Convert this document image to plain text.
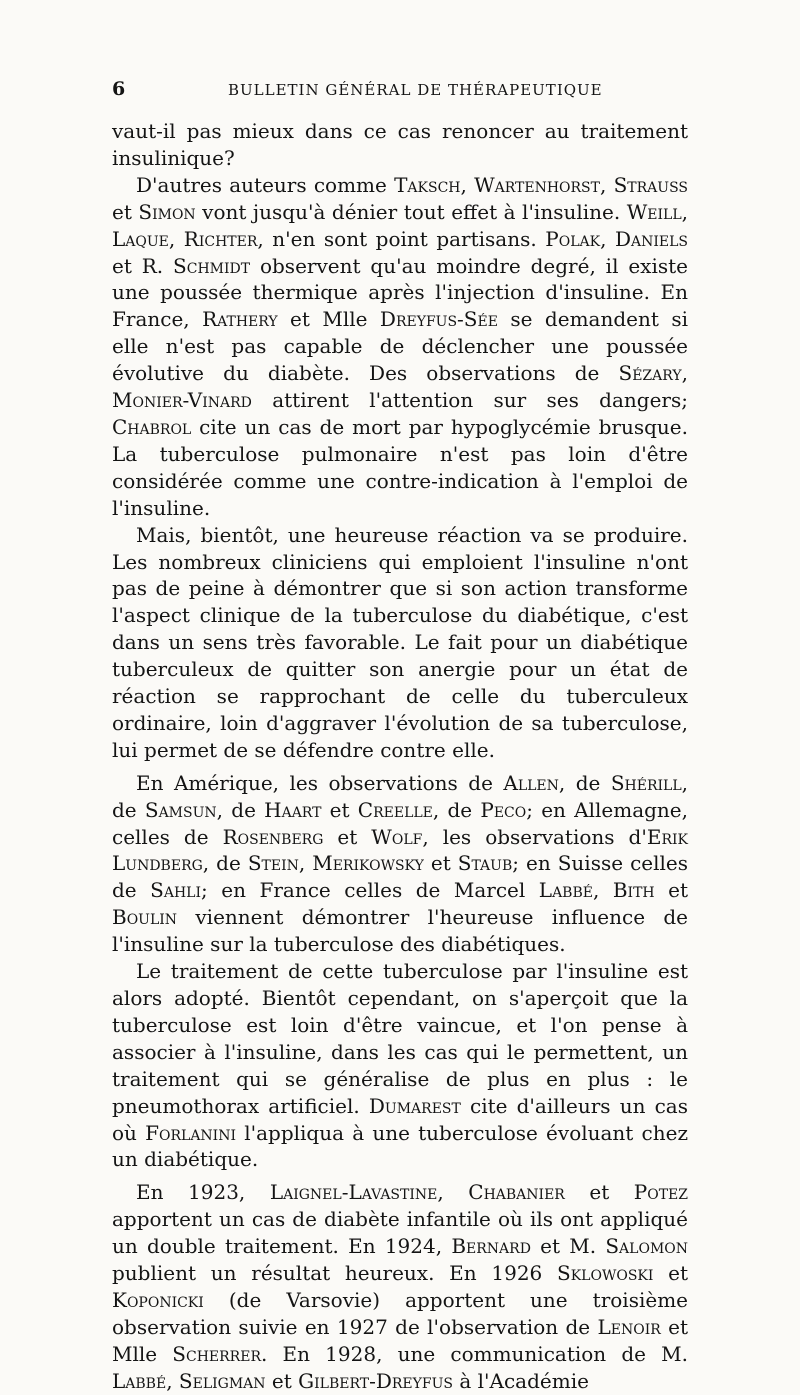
6	BULLETIN GÉNÉRAL DE THÉRAPEUTIQUE

vaut-il pas mieux dans ce cas renoncer au traitement insulinique?

D'autres auteurs comme Taksch, Wartenhorst, Strauss et Simon vont jusqu'à dénier tout effet à l'insuline. Weill, Laque, Richter, n'en sont point partisans. Polak, Daniels et R. Schmidt observent qu'au moindre degré, il existe une poussée thermique après l'injection d'insuline. En France, Rathery et Mlle Dreyfus-Sée se demandent si elle n'est pas capable de déclencher une poussée évolutive du diabète. Des observations de Sézary, Monier-Vinard attirent l'attention sur ses dangers; Chabrol cite un cas de mort par hypoglycémie brusque. La tuberculose pulmonaire n'est pas loin d'être considérée comme une contre-indication à l'emploi de l'insuline.

Mais, bientôt, une heureuse réaction va se produire. Les nombreux cliniciens qui emploient l'insuline n'ont pas de peine à démontrer que si son action transforme l'aspect clinique de la tuberculose du diabétique, c'est dans un sens très favorable. Le fait pour un diabétique tuberculeux de quitter son anergie pour un état de réaction se rapprochant de celle du tuberculeux ordinaire, loin d'aggraver l'évolution de sa tuberculose, lui permet de se défendre contre elle.

En Amérique, les observations de Allen, de Shérill, de Samsun, de Haart et Creelle, de Peco; en Allemagne, celles de Rosenberg et Wolf, les observations d'Erik Lundberg, de Stein, Merikowsky et Staub; en Suisse celles de Sahli; en France celles de Marcel Labbé, Bith et Boulin viennent démontrer l'heureuse influence de l'insuline sur la tuberculose des diabétiques.

Le traitement de cette tuberculose par l'insuline est alors adopté. Bientôt cependant, on s'aperçoit que la tuberculose est loin d'être vaincue, et l'on pense à associer à l'insuline, dans les cas qui le permettent, un traitement qui se généralise de plus en plus : le pneumothorax artificiel. Dumarest cite d'ailleurs un cas où Forlanini l'appliqua à une tuberculose évoluant chez un diabétique.

En 1923, Laignel-Lavastine, Chabanier et Potez apportent un cas de diabète infantile où ils ont appliqué un double traitement. En 1924, Bernard et M. Salomon publient un résultat heureux. En 1926 Sklowoski et Koponicki (de Varsovie) apportent une troisième observation suivie en 1927 de l'observation de Lenoir et Mlle Scherrer. En 1928, une communication de M. Labbé, Seligman et Gilbert-Dreyfus à l'Académie
